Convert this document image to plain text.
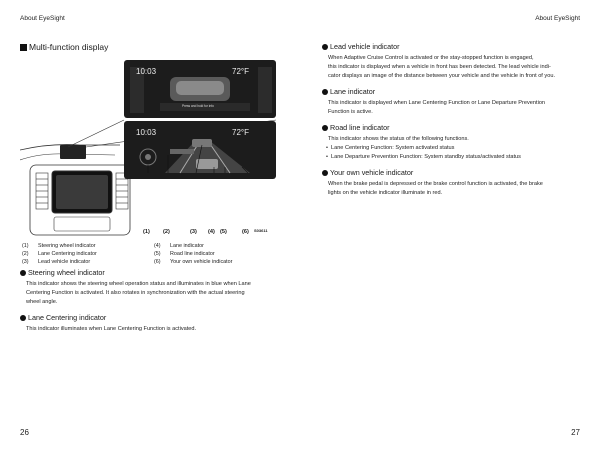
About EyeSight	About EyeSight
Multi-function display
10:03	72°F
Press and hold for info
10:03	72°F
(1) (2)	(3) (4) (5)	(6) S03611
(1)	Steering wheel indicator	(4)	Lane indicator
(2)	Lane Centering indicator	(5)	Road line indicator
(3)	Lead vehicle indicator	(6)	Your own vehicle indicator
Steering wheel indicator
This indicator shows the steering wheel operation status and illuminates in blue when Lane
Centering Function is activated. It also rotates in synchronization with the actual steering
wheel angle.
Lane Centering indicator
This indicator illuminates when Lane Centering Function is activated.
Lead vehicle indicator
When Adaptive Cruise Control is activated or the stay-stopped function is engaged,
this indicator is displayed when a vehicle in front has been detected. The lead vehicle indi-
cator displays an image of the distance between your vehicle and the vehicle in front of you.
Lane indicator
This indicator is displayed when Lane Centering Function or Lane Departure Prevention
Function is active.
Road line indicator
This indicator shows the status of the following functions.
• Lane Centering Function: System activated status
• Lane Departure Prevention Function: System standby status/activated status
Your own vehicle indicator
When the brake pedal is depressed or the brake control function is activated, the brake
lights on the vehicle indicator illuminate in red.
26	27
